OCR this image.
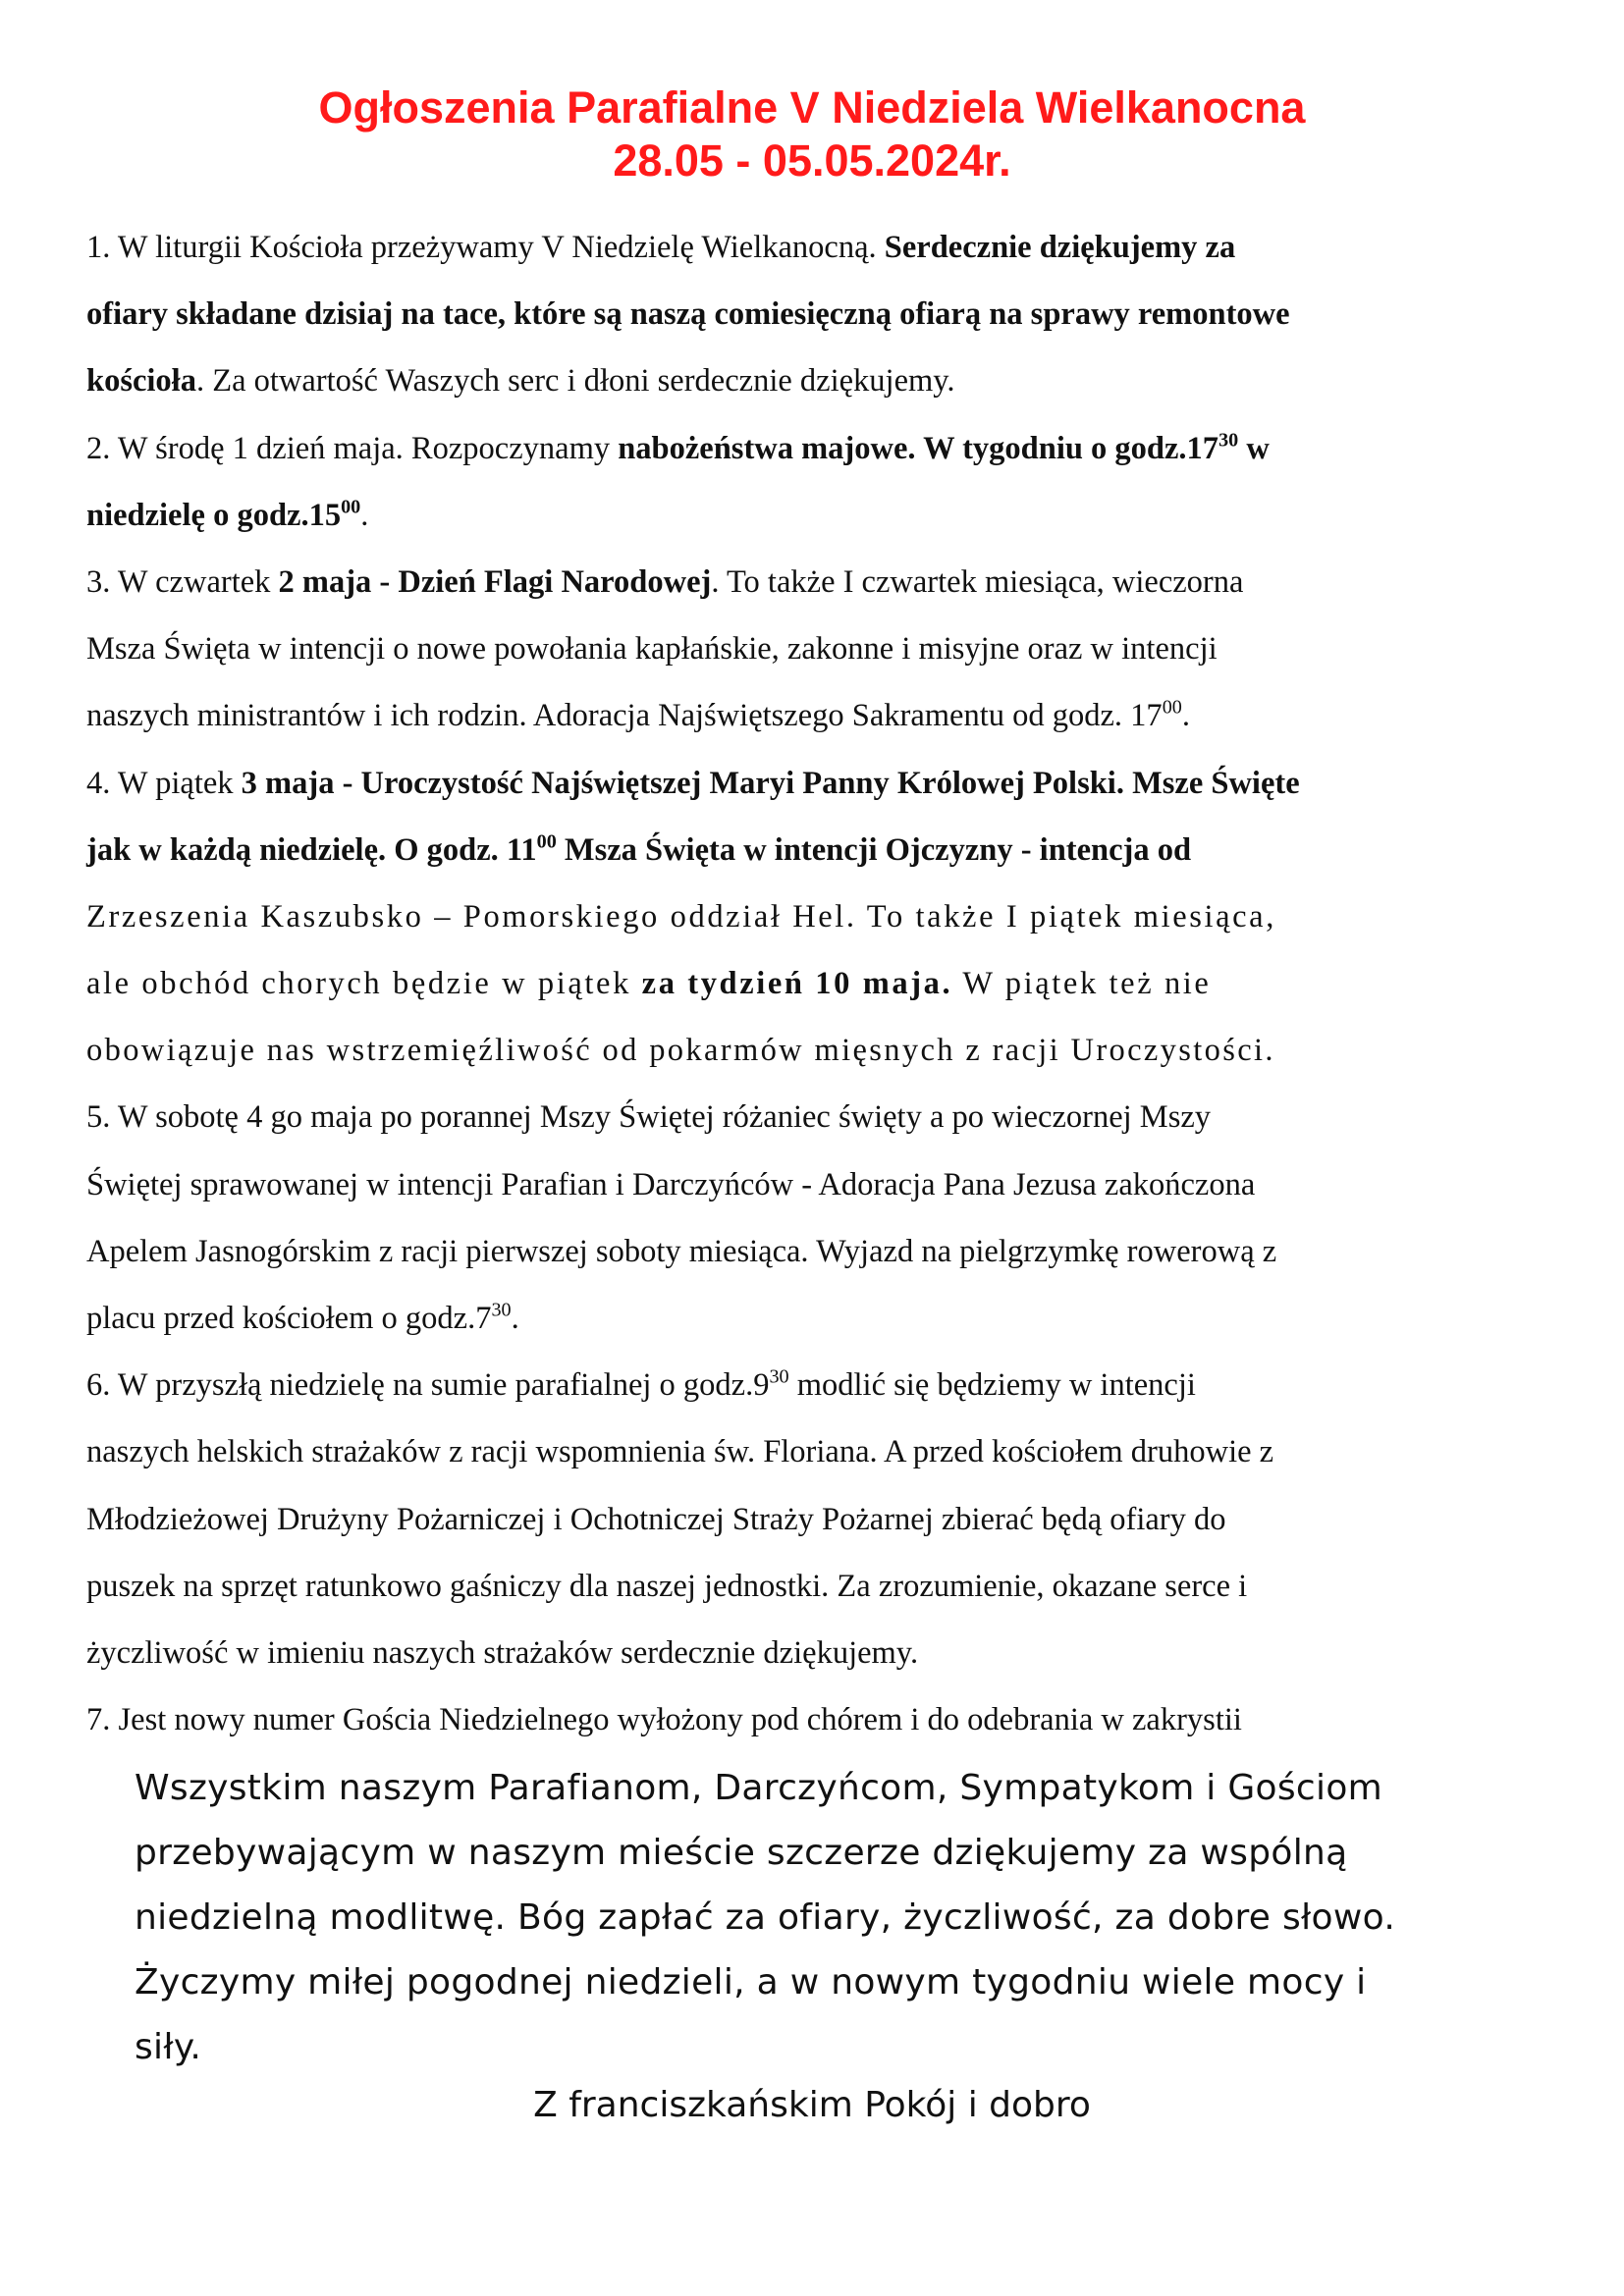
Ogłoszenia Parafialne V Niedziela Wielkanocna
28.05 - 05.05.2024r.
1. W liturgii Kościoła przeżywamy V Niedzielę Wielkanocną. Serdecznie dziękujemy za
ofiary składane dzisiaj na tace, które są naszą comiesięczną ofiarą na sprawy remontowe
kościoła. Za otwartość Waszych serc i dłoni serdecznie dziękujemy.
2. W środę 1 dzień maja. Rozpoczynamy nabożeństwa majowe. W tygodniu o $godz.17^{30}$ w
niedzielę o $godz.15^{00}$.
3. W czwartek 2 maja - Dzień Flagi Narodowej. To także I czwartek miesiąca, wieczorna
Msza Święta w intencji o nowe powołania kapłańskie, zakonne i misyjne oraz w intencji
naszych ministrantów i ich rodzin. Adoracja Najświętszego Sakramentu od godz. $17^{00}$.
4. W piątek 3 maja - Uroczystość Najświętszej Maryi Panny Królowej Polski. Msze Święte
jak w każdą niedzielę. O godz. $11^{00}$ Msza Święta w intencji Ojczyzny - intencja od
Zrzeszenia Kaszubsko – Pomorskiego oddział Hel. To także I piątek miesiąca,
ale obchód chorych będzie w piątek za tydzień 10 maja. W piątek też nie
obowiązuje nas wstrzemięźliwość od pokarmów mięsnych z racji Uroczystości.
5. W sobotę 4 go maja po porannej Mszy Świętej różaniec święty a po wieczornej Mszy
Świętej sprawowanej w intencji Parafian i Darczyńców - Adoracja Pana Jezusa zakończona
Apelem Jasnogórskim z racji pierwszej soboty miesiąca. Wyjazd na pielgrzymkę rowerową z
placu przed kościołem o $godz.7^{30}$.
6. W przyszłą niedzielę na sumie parafialnej o $godz.9^{30}$ modlić się będziemy w intencji
naszych helskich strażaków z racji wspomnienia św. Floriana. A przed kościołem druhowie z
Młodzieżowej Drużyny Pożarniczej i Ochotniczej Straży Pożarnej zbierać będą ofiary do
puszek na sprzęt ratunkowo gaśniczy dla naszej jednostki. Za zrozumienie, okazane serce i
życzliwość w imieniu naszych strażaków serdecznie dziękujemy.
7. Jest nowy numer Gościa Niedzielnego wyłożony pod chórem i do odebrania w zakrystii
Wszystkim naszym Parafianom, Darczyńcom, Sympatykom i Gościom
przebywającym w naszym mieście szczerze dziękujemy za wspólną
niedzielną modlitwę. Bóg zapłać za ofiary, życzliwość, za dobre słowo.
Życzymy miłej pogodnej niedzieli, a w nowym tygodniu wiele mocy i
siły.
Z franciszkańskim Pokój i dobro
